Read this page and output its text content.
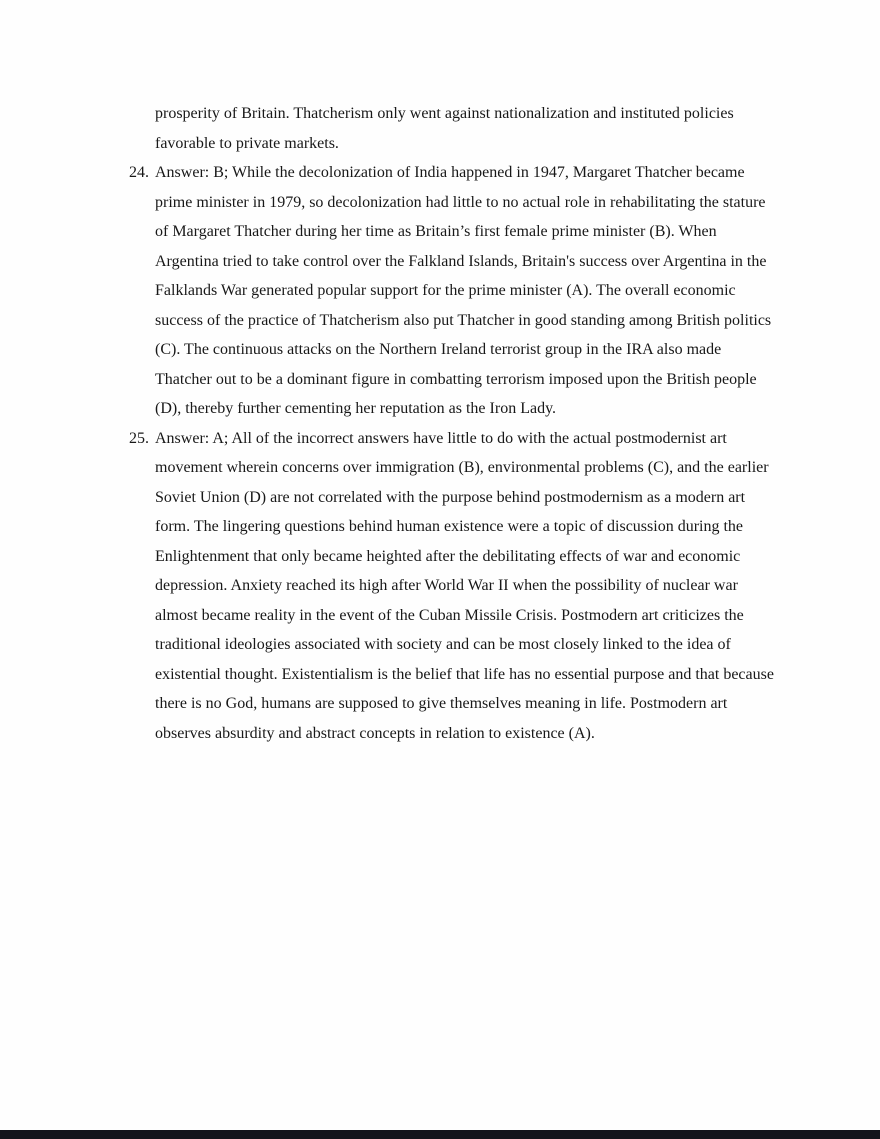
prosperity of Britain. Thatcherism only went against nationalization and instituted policies favorable to private markets.

24. Answer: B; While the decolonization of India happened in 1947, Margaret Thatcher became prime minister in 1979, so decolonization had little to no actual role in rehabilitating the stature of Margaret Thatcher during her time as Britain’s first female prime minister (B). When Argentina tried to take control over the Falkland Islands, Britain's success over Argentina in the Falklands War generated popular support for the prime minister (A). The overall economic success of the practice of Thatcherism also put Thatcher in good standing among British politics (C). The continuous attacks on the Northern Ireland terrorist group in the IRA also made Thatcher out to be a dominant figure in combatting terrorism imposed upon the British people (D), thereby further cementing her reputation as the Iron Lady.
25. Answer: A; All of the incorrect answers have little to do with the actual postmodernist art movement wherein concerns over immigration (B), environmental problems (C), and the earlier Soviet Union (D) are not correlated with the purpose behind postmodernism as a modern art form. The lingering questions behind human existence were a topic of discussion during the Enlightenment that only became heighted after the debilitating effects of war and economic depression. Anxiety reached its high after World War II when the possibility of nuclear war almost became reality in the event of the Cuban Missile Crisis. Postmodern art criticizes the traditional ideologies associated with society and can be most closely linked to the idea of existential thought. Existentialism is the belief that life has no essential purpose and that because there is no God, humans are supposed to give themselves meaning in life. Postmodern art observes absurdity and abstract concepts in relation to existence (A).
